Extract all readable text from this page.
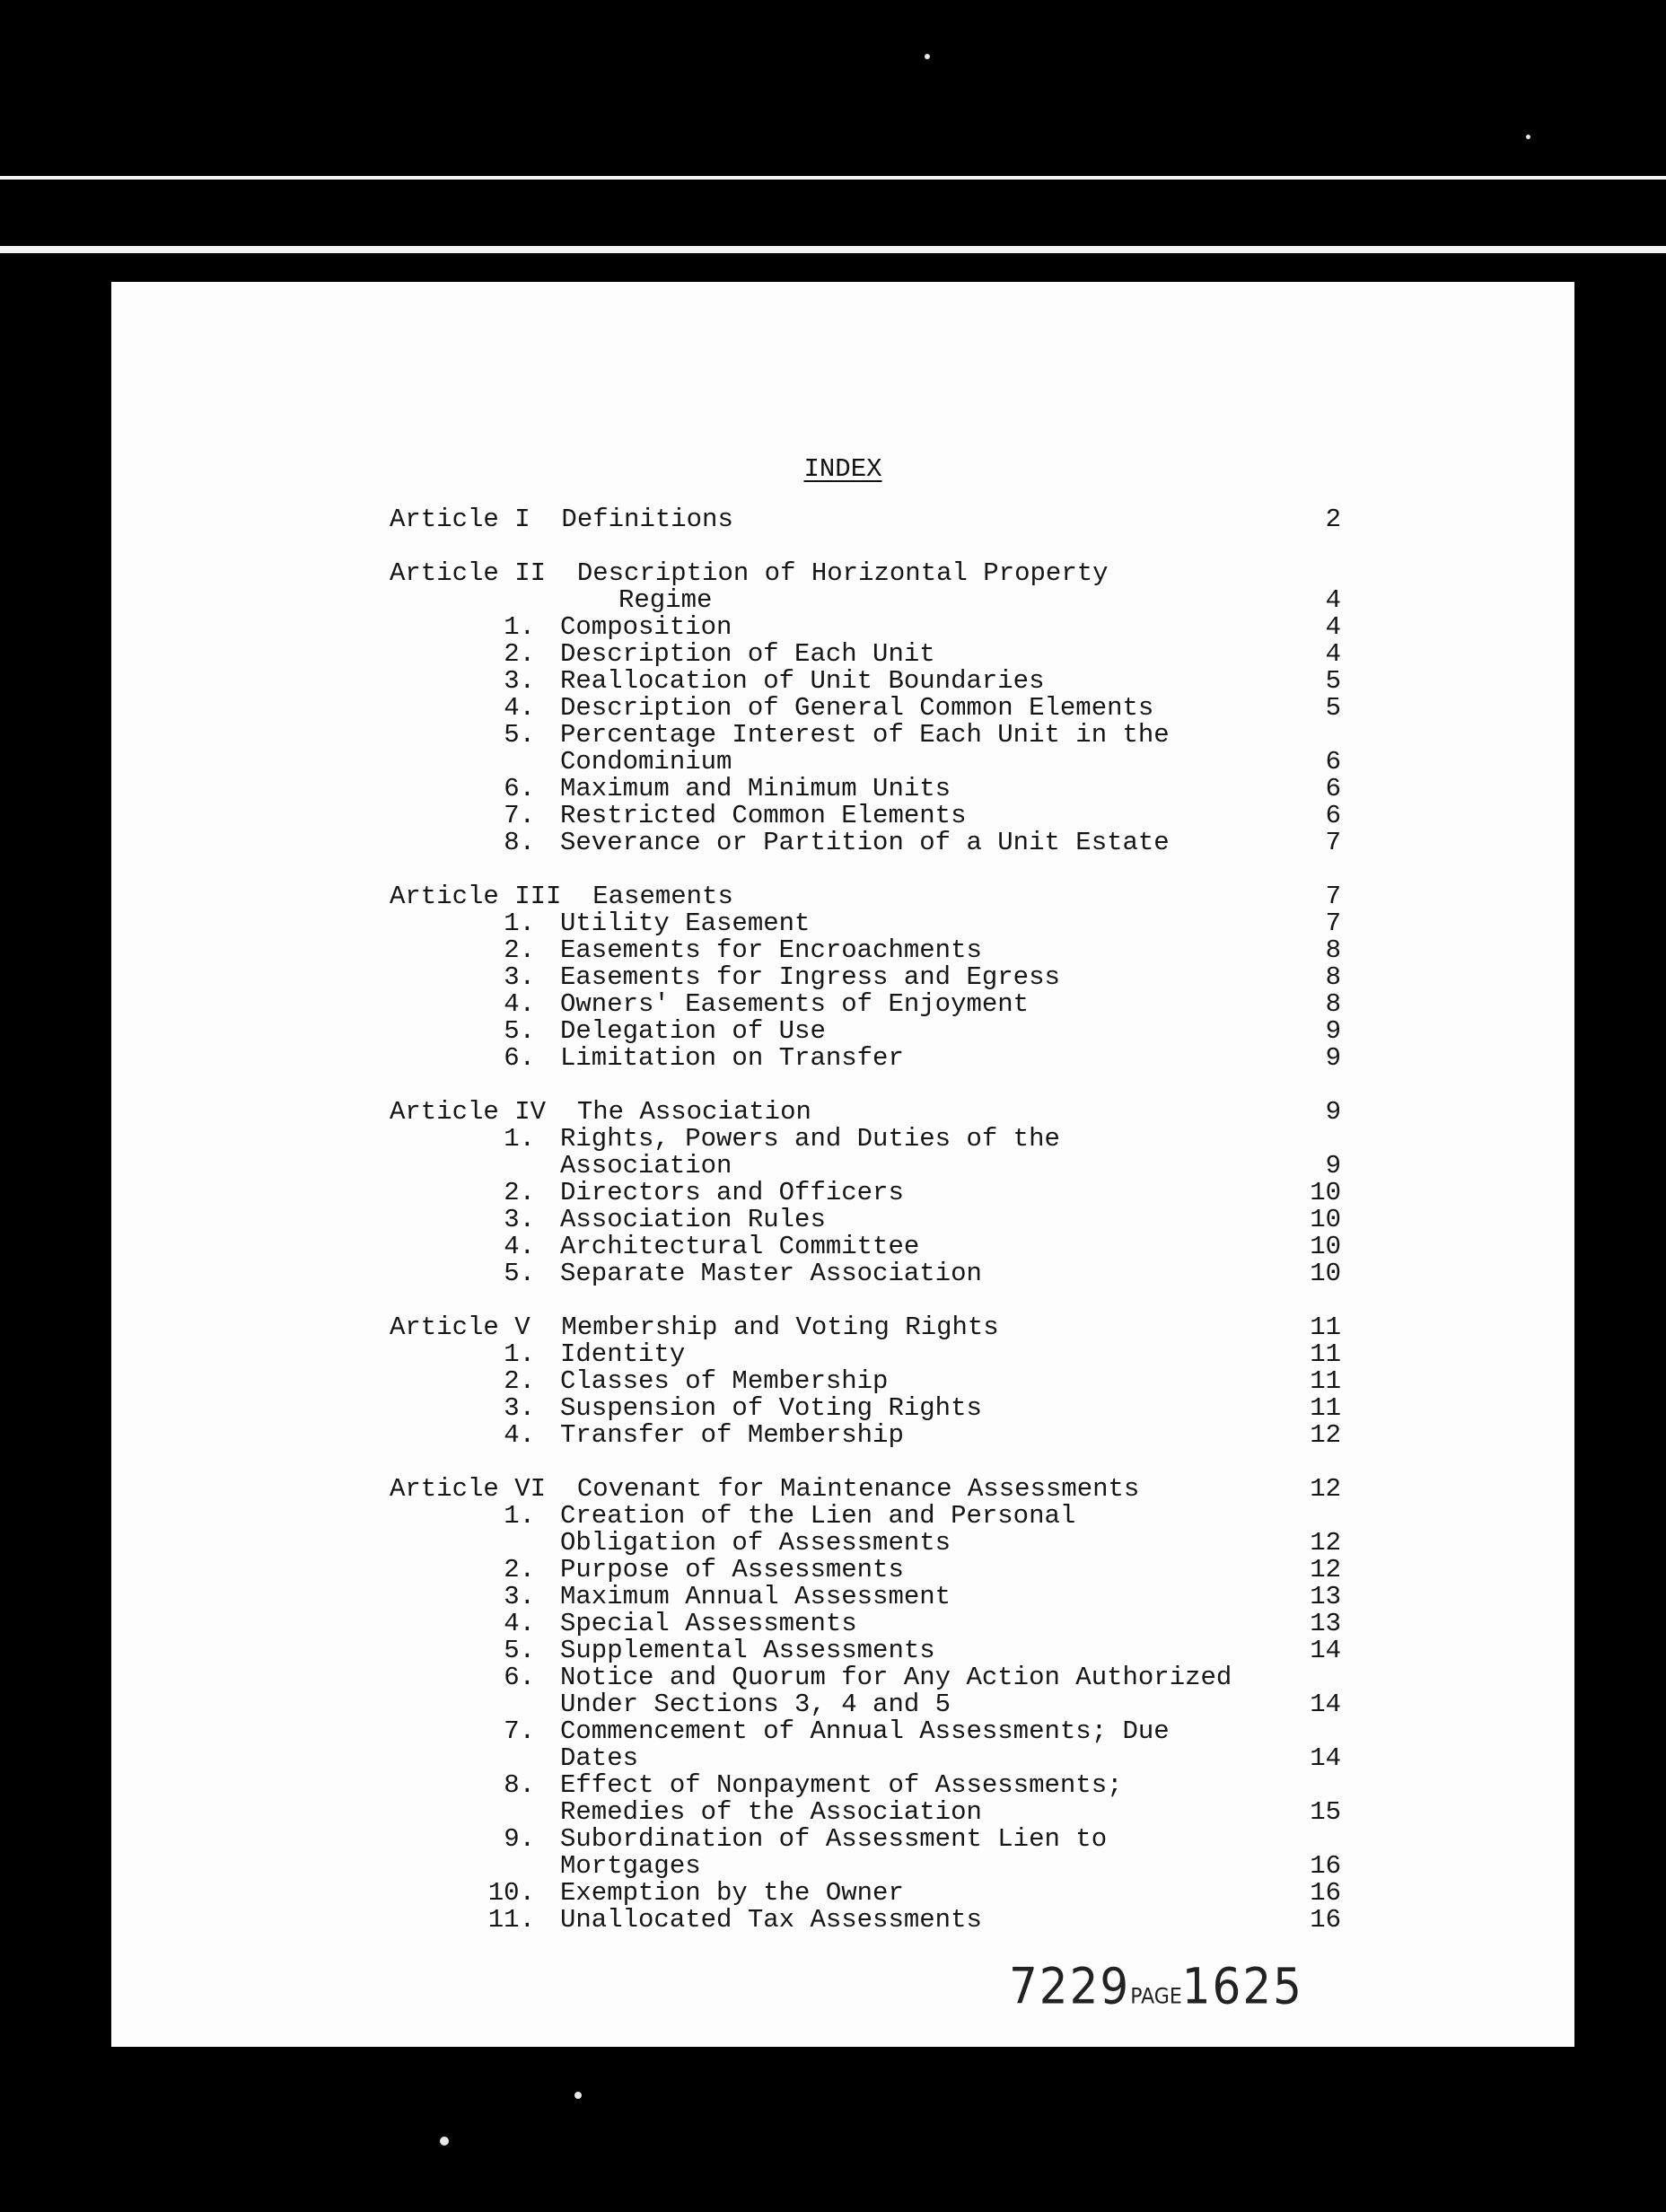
INDEX
Article I  Definitions	2
Article II  Description of Horizontal Property
Regime	4
1. Composition	4
2. Description of Each Unit	4
3. Reallocation of Unit Boundaries	5
4. Description of General Common Elements	5
5. Percentage Interest of Each Unit in the
Condominium	6
6. Maximum and Minimum Units	6
7. Restricted Common Elements	6
8. Severance or Partition of a Unit Estate	7
Article III  Easements	7
1. Utility Easement	7
2. Easements for Encroachments	8
3. Easements for Ingress and Egress	8
4. Owners' Easements of Enjoyment	8
5. Delegation of Use	9
6. Limitation on Transfer	9
Article IV  The Association	9
1. Rights, Powers and Duties of the
Association	9
2. Directors and Officers	10
3. Association Rules	10
4. Architectural Committee	10
5. Separate Master Association	10
Article V  Membership and Voting Rights	11
1. Identity	11
2. Classes of Membership	11
3. Suspension of Voting Rights	11
4. Transfer of Membership	12
Article VI  Covenant for Maintenance Assessments	12
1. Creation of the Lien and Personal
Obligation of Assessments	12
2. Purpose of Assessments	12
3. Maximum Annual Assessment	13
4. Special Assessments	13
5. Supplemental Assessments	14
6. Notice and Quorum for Any Action Authorized
Under Sections 3, 4 and 5	14
7. Commencement of Annual Assessments; Due
Dates	14
8. Effect of Nonpayment of Assessments;
Remedies of the Association	15
9. Subordination of Assessment Lien to
Mortgages	16
10. Exemption by the Owner	16
11. Unallocated Tax Assessments	16
7229PAGE1625
